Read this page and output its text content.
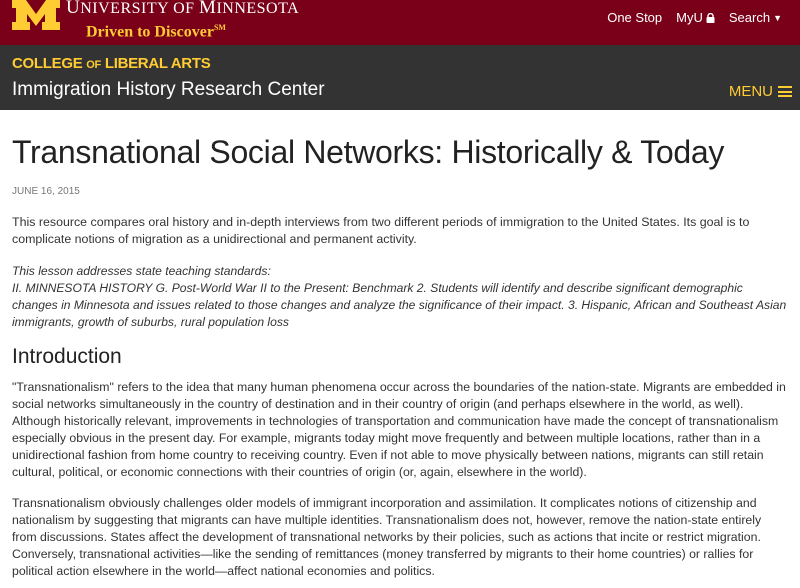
UNIVERSITY OF MINNESOTA
Driven to Discover℠
One Stop MyU Search ▼
COLLEGE OF LIBERAL ARTS
Immigration History Research Center	MENU
Transnational Social Networks: Historically & Today
JUNE 16, 2015

This resource compares oral history and in-depth interviews from two different periods of immigration to the United States. Its goal is to complicate notions of migration as a unidirectional and permanent activity.

This lesson addresses state teaching standards:
II. MINNESOTA HISTORY G. Post-World War II to the Present: Benchmark 2. Students will identify and describe significant demographic changes in Minnesota and issues related to those changes and analyze the significance of their impact. 3. Hispanic, African and Southeast Asian immigrants, growth of suburbs, rural population loss
Introduction

"Transnationalism" refers to the idea that many human phenomena occur across the boundaries of the nation-state. Migrants are embedded in social networks simultaneously in the country of destination and in their country of origin (and perhaps elsewhere in the world, as well). Although historically relevant, improvements in technologies of transportation and communication have made the concept of transnationalism especially obvious in the present day. For example, migrants today might move frequently and between multiple locations, rather than in a unidirectional fashion from home country to receiving country. Even if not able to move physically between nations, migrants can still retain cultural, political, or economic connections with their countries of origin (or, again, elsewhere in the world).

Transnationalism obviously challenges older models of immigrant incorporation and assimilation. It complicates notions of citizenship and nationalism by suggesting that migrants can have multiple identities. Transnationalism does not, however, remove the nation-state entirely from discussions. States affect the development of transnational networks by their policies, such as actions that incite or restrict migration. Conversely, transnational activities—like the sending of remittances (money transferred by migrants to their home countries) or rallies for political action elsewhere in the world—affect national economies and politics.
